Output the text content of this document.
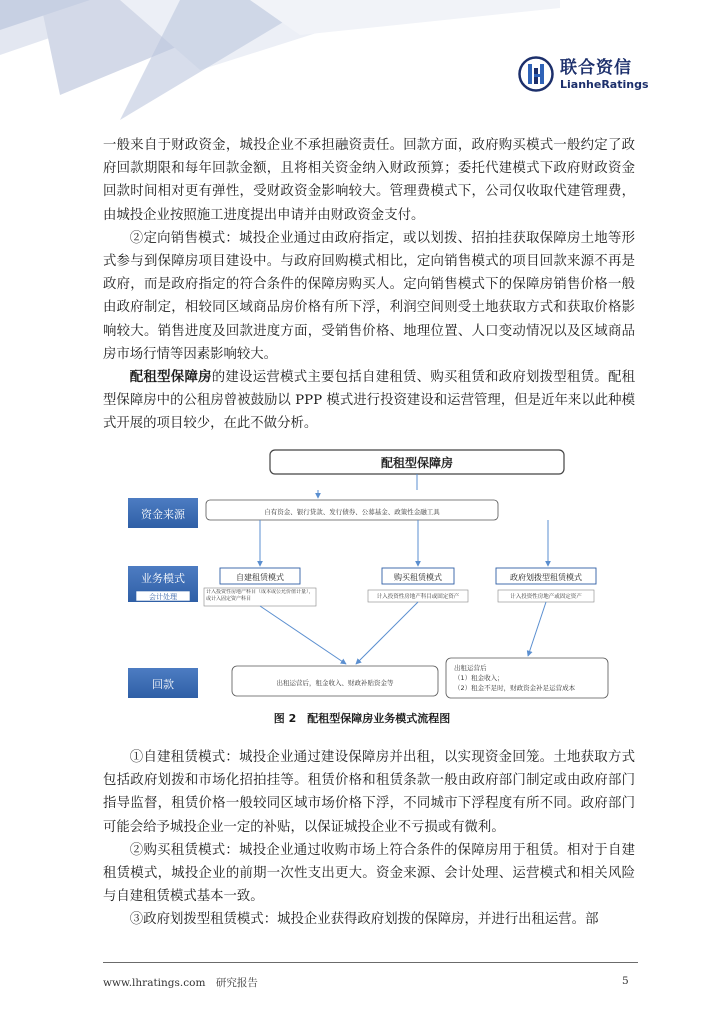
联合资信
LianheRatings

一般来自于财政资金，城投企业不承担融资责任。回款方面，政府购买模式一般约定了政府回款期限和每年回款金额，且将相关资金纳入财政预算；委托代建模式下政府财政资金回款时间相对更有弹性，受财政资金影响较大。管理费模式下，公司仅收取代建管理费，由城投企业按照施工进度提出申请并由财政资金支付。

②定向销售模式：城投企业通过由政府指定，或以划拨、招拍挂获取保障房土地等形式参与到保障房项目建设中。与政府回购模式相比，定向销售模式的项目回款来源不再是政府，而是政府指定的符合条件的保障房购买人。定向销售模式下的保障房销售价格一般由政府制定，相较同区域商品房价格有所下浮，利润空间则受土地获取方式和获取价格影响较大。销售进度及回款进度方面，受销售价格、地理位置、人口变动情况以及区域商品房市场行情等因素影响较大。

配租型保障房的建设运营模式主要包括自建租赁、购买租赁和政府划拨型租赁。配租型保障房中的公租房曾被鼓励以 PPP 模式进行投资建设和运营管理，但是近年来以此种模式开展的项目较少，在此不做分析。

配租型保障房
资金来源
业务模式
会计处理
回款
自有资金、银行贷款、发行债券、公募基金、政策性金融工具
自建租赁模式	购买租赁模式	政府划拨型租赁模式
计入投资性房地产科目（成本或公允价值计量），或计入固定资产科目	计入投资性房地产科目或固定资产	计入投资性房地产或固定资产
出租运营后，租金收入、财政补贴资金等
出租运营后
（1）租金收入；
（2）租金不足时，财政资金补足运营成本
图 2　配租型保障房业务模式流程图

①自建租赁模式：城投企业通过建设保障房并出租，以实现资金回笼。土地获取方式包括政府划拨和市场化招拍挂等。租赁价格和租赁条款一般由政府部门制定或由政府部门指导监督，租赁价格一般较同区域市场价格下浮，不同城市下浮程度有所不同。政府部门可能会给予城投企业一定的补贴，以保证城投企业不亏损或有微利。

②购买租赁模式：城投企业通过收购市场上符合条件的保障房用于租赁。相对于自建租赁模式，城投企业的前期一次性支出更大。资金来源、会计处理、运营模式和相关风险与自建租赁模式基本一致。

③政府划拨型租赁模式：城投企业获得政府划拨的保障房，并进行出租运营。部

www.lhratings.com　研究报告	5
